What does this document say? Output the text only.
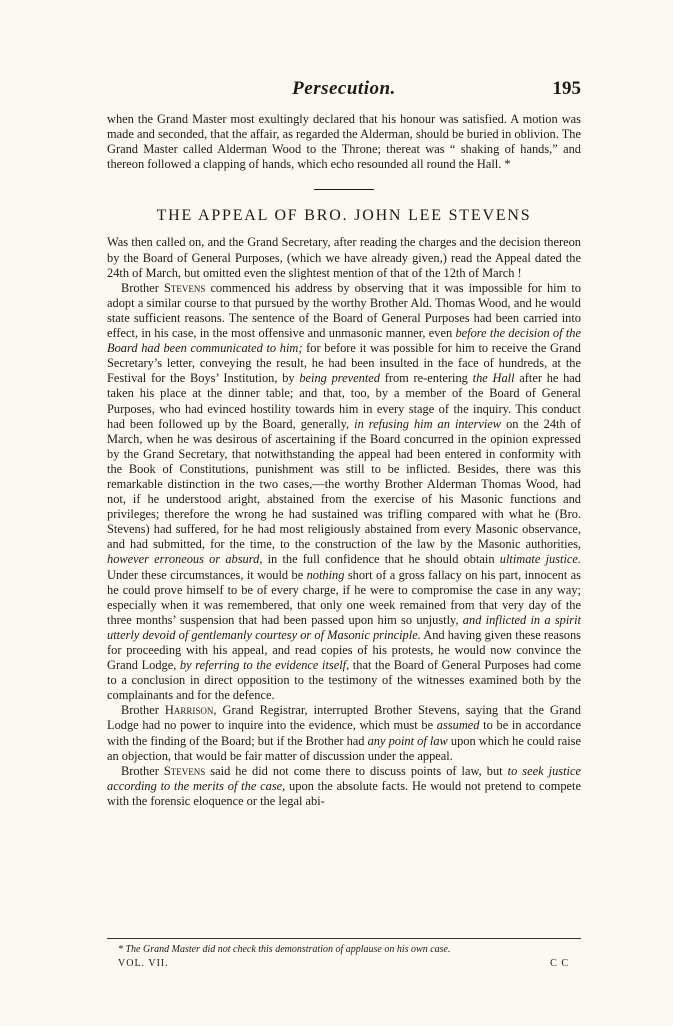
Persecution.	195

when the Grand Master most exultingly declared that his honour was satisfied. A motion was made and seconded, that the affair, as regarded the Alderman, should be buried in oblivion. The Grand Master called Alderman Wood to the Throne; thereat was “ shaking of hands,” and thereon followed a clapping of hands, which echo resounded all round the Hall. *

THE APPEAL OF BRO. JOHN LEE STEVENS

Was then called on, and the Grand Secretary, after reading the charges and the decision thereon by the Board of General Purposes, (which we have already given,) read the Appeal dated the 24th of March, but omitted even the slightest mention of that of the 12th of March !

Brother Stevens commenced his address by observing that it was impossible for him to adopt a similar course to that pursued by the worthy Brother Ald. Thomas Wood, and he would state sufficient reasons. The sentence of the Board of General Purposes had been carried into effect, in his case, in the most offensive and unmasonic manner, even before the decision of the Board had been communicated to him; for before it was possible for him to receive the Grand Secretary’s letter, conveying the result, he had been insulted in the face of hundreds, at the Festival for the Boys’ Institution, by being prevented from re-entering the Hall after he had taken his place at the dinner table; and that, too, by a member of the Board of General Purposes, who had evinced hostility towards him in every stage of the inquiry. This conduct had been followed up by the Board, generally, in refusing him an interview on the 24th of March, when he was desirous of ascertaining if the Board concurred in the opinion expressed by the Grand Secretary, that notwithstanding the appeal had been entered in conformity with the Book of Constitutions, punishment was still to be inflicted. Besides, there was this remarkable distinction in the two cases,—the worthy Brother Alderman Thomas Wood, had not, if he understood aright, abstained from the exercise of his Masonic functions and privileges; therefore the wrong he had sustained was trifling compared with what he (Bro. Stevens) had suffered, for he had most religiously abstained from every Masonic observance, and had submitted, for the time, to the construction of the law by the Masonic authorities, however erroneous or absurd, in the full confidence that he should obtain ultimate justice. Under these circumstances, it would be nothing short of a gross fallacy on his part, innocent as he could prove himself to be of every charge, if he were to compromise the case in any way; especially when it was remembered, that only one week remained from that very day of the three months’ suspension that had been passed upon him so unjustly, and inflicted in a spirit utterly devoid of gentlemanly courtesy or of Masonic principle. And having given these reasons for proceeding with his appeal, and read copies of his protests, he would now convince the Grand Lodge, by referring to the evidence itself, that the Board of General Purposes had come to a conclusion in direct opposition to the testimony of the witnesses examined both by the complainants and for the defence.

Brother Harrison, Grand Registrar, interrupted Brother Stevens, saying that the Grand Lodge had no power to inquire into the evidence, which must be assumed to be in accordance with the finding of the Board; but if the Brother had any point of law upon which he could raise an objection, that would be fair matter of discussion under the appeal.

Brother Stevens said he did not come there to discuss points of law, but to seek justice according to the merits of the case, upon the absolute facts. He would not pretend to compete with the forensic eloquence or the legal abi-

* The Grand Master did not check this demonstration of applause on his own case.
VOL. VII.	C C
